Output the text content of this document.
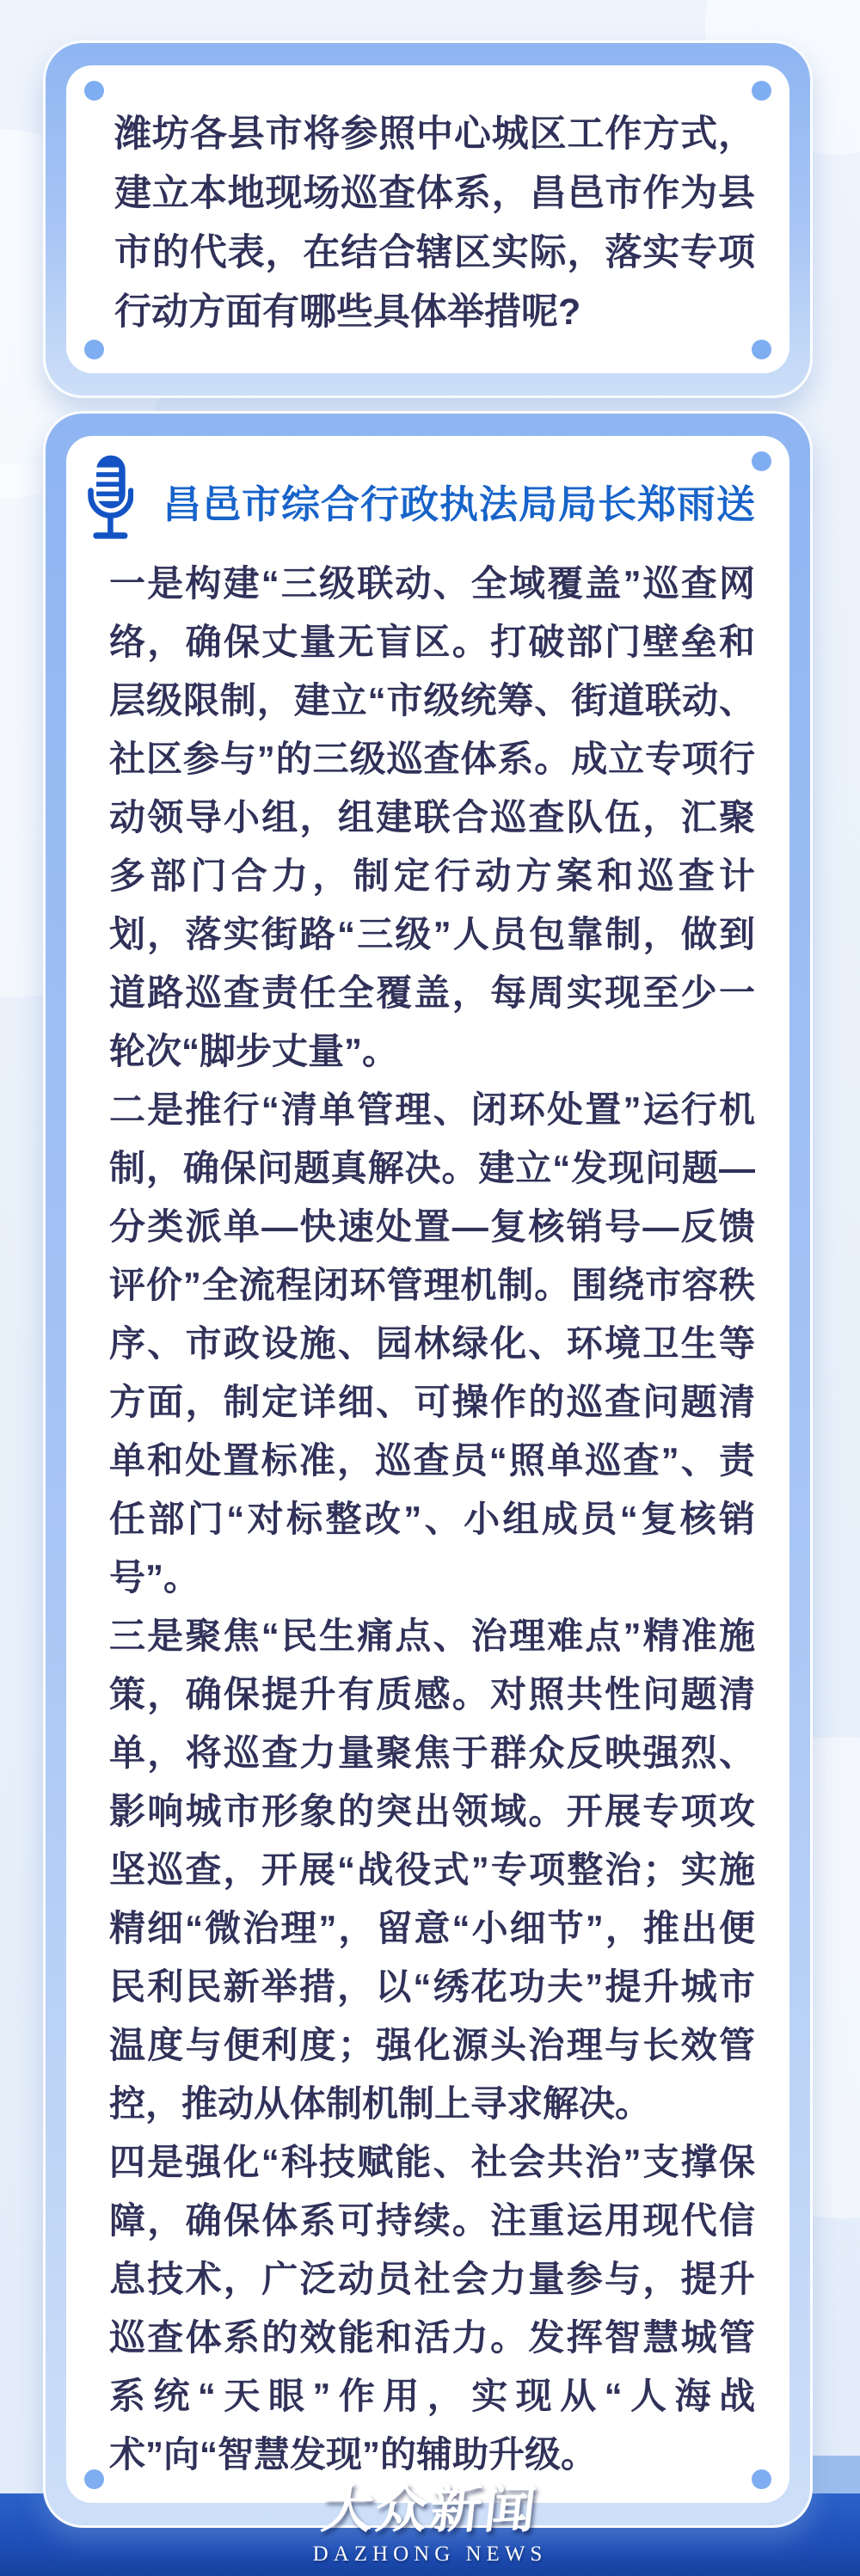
潍坊各县市将参照中心城区工作方式，建立本地现场巡查体系，昌邑市作为县市的代表，在结合辖区实际，落实专项行动方面有哪些具体举措呢?
昌邑市综合行政执法局局长郑雨送

一是构建“三级联动、全域覆盖”巡查网络，确保丈量无盲区。打破部门壁垒和层级限制，建立“市级统筹、街道联动、社区参与”的三级巡查体系。成立专项行动领导小组，组建联合巡查队伍，汇聚多部门合力，制定行动方案和巡查计划，落实街路“三级”人员包靠制，做到道路巡查责任全覆盖，每周实现至少一轮次“脚步丈量”。

二是推行“清单管理、闭环处置”运行机制，确保问题真解决。建立“发现问题—分类派单—快速处置—复核销号—反馈评价”全流程闭环管理机制。围绕市容秩序、市政设施、园林绿化、环境卫生等方面，制定详细、可操作的巡查问题清单和处置标准，巡查员“照单巡查”、责任部门“对标整改”、小组成员“复核销号”。

三是聚焦“民生痛点、治理难点”精准施策，确保提升有质感。对照共性问题清单，将巡查力量聚焦于群众反映强烈、影响城市形象的突出领域。开展专项攻坚巡查，开展“战役式”专项整治；实施精细“微治理”，留意“小细节”，推出便民利民新举措，以“绣花功夫”提升城市温度与便利度；强化源头治理与长效管控，推动从体制机制上寻求解决。

四是强化“科技赋能、社会共治”支撑保障，确保体系可持续。注重运用现代信息技术，广泛动员社会力量参与，提升巡查体系的效能和活力。发挥智慧城管系统“天眼”作用，实现从“人海战术”向“智慧发现”的辅助升级。

大众新闻
DAZHONG NEWS
